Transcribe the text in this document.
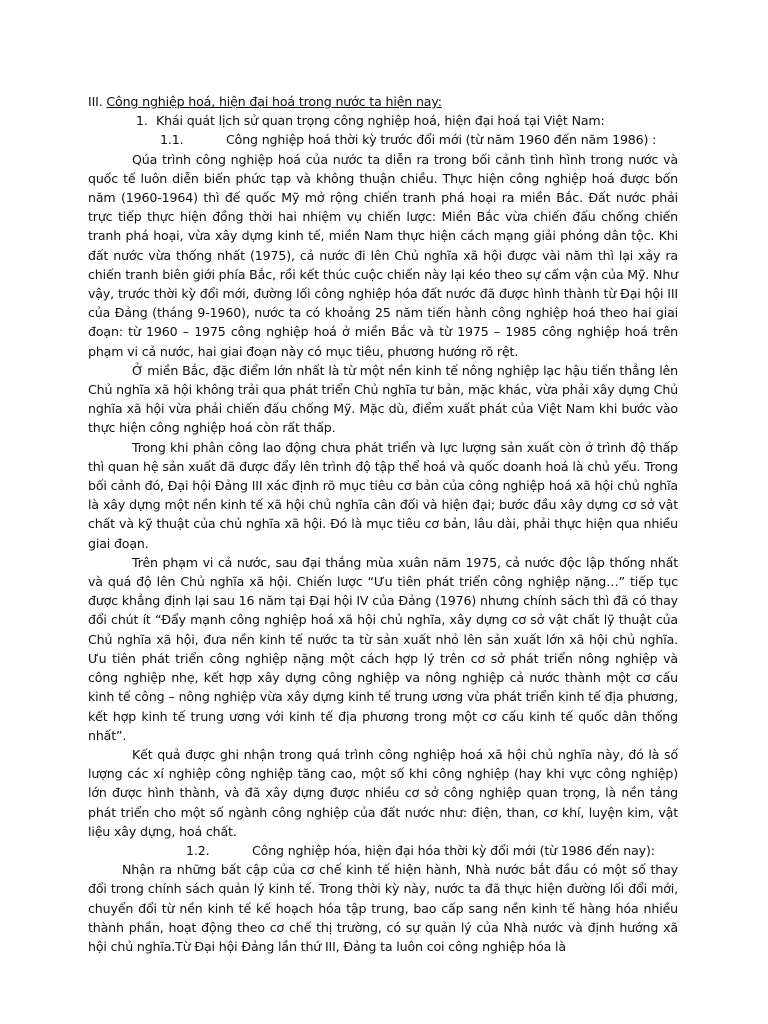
III. Công nghiệp hoá, hiện đại hoá trong nước ta hiện nay:

1. Khái quát lịch sử quan trọng công nghiệp hoá, hiện đại hoá tại Việt Nam:

1.1.	Công nghiệp hoá thời kỳ trước đổi mới (từ năm 1960 đến năm 1986) :

Qúa trình công nghiệp hoá của nước ta diễn ra trong bối cảnh tình hình trong nước và quốc tế luôn diễn biến phức tạp và không thuận chiều. Thực hiện công nghiệp hoá được bốn năm (1960-1964) thì đế quốc Mỹ mở rộng chiến tranh phá hoại ra miền Bắc. Đất nước phải trực tiếp thực hiện đồng thời hai nhiệm vụ chiến lược: Miền Bắc vừa chiến đấu chống chiến tranh phá hoại, vừa xây dựng kinh tế, miền Nam thực hiện cách mạng giải phóng dân tộc. Khi đất nước vừa thống nhất (1975), cả nước đi lên Chủ nghĩa xã hội được vài năm thì lại xảy ra chiến tranh biên giới phía Bắc, rồi kết thúc cuộc chiến này lại kéo theo sự cấm vận của Mỹ. Như vậy, trước thời kỳ đổi mới, đường lối công nghiệp hóa đất nước đã được hình thành từ Đại hội III của Đảng (tháng 9-1960), nước ta có khoảng 25 năm tiến hành công nghiệp hoá theo hai giai đoạn: từ 1960 – 1975 công nghiệp hoá ở miền Bắc và từ 1975 – 1985 công nghiệp hoá trên phạm vi cả nước, hai giai đoạn này có mục tiêu, phương hướng rõ rệt.

Ở miền Bắc, đặc điểm lớn nhất là từ một nền kinh tế nông nghiệp lạc hậu tiến thẳng lên Chủ nghĩa xã hội không trải qua phát triển Chủ nghĩa tư bản, mặc khác, vừa phải xây dựng Chủ nghĩa xã hội vừa phải chiến đấu chống Mỹ. Mặc dù, điểm xuất phát của Việt Nam khi bước vào thực hiện công nghiệp hoá còn rất thấp.

Trong khi phân công lao động chưa phát triển và lực lượng sản xuất còn ở trình độ thấp thì quan hệ sản xuất đã được đẩy lên trình độ tập thể hoá và quốc doanh hoá là chủ yếu. Trong bối cảnh đó, Đại hội Đảng III xác định rõ mục tiêu cơ bản của công nghiệp hoá xã hội chủ nghĩa là xây dựng một nền kinh tế xã hội chủ nghĩa cân đối và hiện đại; bước đầu xây dựng cơ sở vật chất và kỹ thuật của chủ nghĩa xã hội. Đó là mục tiêu cơ bản, lâu dài, phải thực hiện qua nhiều giai đoạn.

Trên phạm vi cả nước, sau đại thắng mùa xuân năm 1975, cả nước độc lập thống nhất và quá độ lên Chủ nghĩa xã hội. Chiến lược “Ưu tiên phát triển công nghiệp nặng…” tiếp tục được khẳng định lại sau 16 năm tại Đại hội IV của Đảng (1976) nhưng chính sách thì đã có thay đổi chút ít “Đẩy mạnh công nghiệp hoá xã hội chủ nghĩa, xây dựng cơ sở vật chất lỹ thuật của Chủ nghĩa xã hội, đưa nền kinh tế nước ta từ sản xuất nhỏ lên sản xuất lớn xã hội chủ nghĩa. Ưu tiên phát triển công nghiệp nặng một cách hợp lý trên cơ sở phát triển nông nghiệp và công nghiệp nhẹ, kết hợp xây dựng công nghiệp va nông nghiệp cả nước thành một cơ cấu kinh tế công – nông nghiệp vừa xây dựng kinh tế trung ương vừa phát triển kinh tế địa phương, kết hợp kinh tế trung ương với kinh tế địa phương trong một cơ cấu kinh tế quốc dân thống nhất”.

Kết quả được ghi nhận trong quá trình công nghiệp hoá xã hội chủ nghĩa này, đó là số lượng các xí nghiệp công nghiệp tăng cao, một số khi công nghiệp (hay khi vực công nghiệp) lớn được hình thành, và đã xây dựng được nhiều cơ sở công nghiệp quan trọng, là nền tảng phát triển cho một số ngành công nghiệp của đất nước như: điện, than, cơ khí, luyện kim, vật liệu xây dựng, hoá chất.

1.2.	Công nghiệp hóa, hiện đại hóa thời kỳ đổi mới (từ 1986 đến nay):

Nhận ra những bất cập của cơ chế kinh tế hiện hành, Nhà nước bắt đầu có một số thay đổi trong chính sách quản lý kinh tế. Trong thời kỳ này, nước ta đã thực hiện đường lối đổi mới, chuyển đổi từ nền kinh tế kế hoạch hóa tập trung, bao cấp sang nền kinh tế hàng hóa nhiều thành phần, hoạt động theo cơ chế thị trường, có sự quản lý của Nhà nước và định hướng xã hội chủ nghĩa.Từ Đại hội Đảng lần thứ III, Đảng ta luôn coi công nghiệp hóa là
